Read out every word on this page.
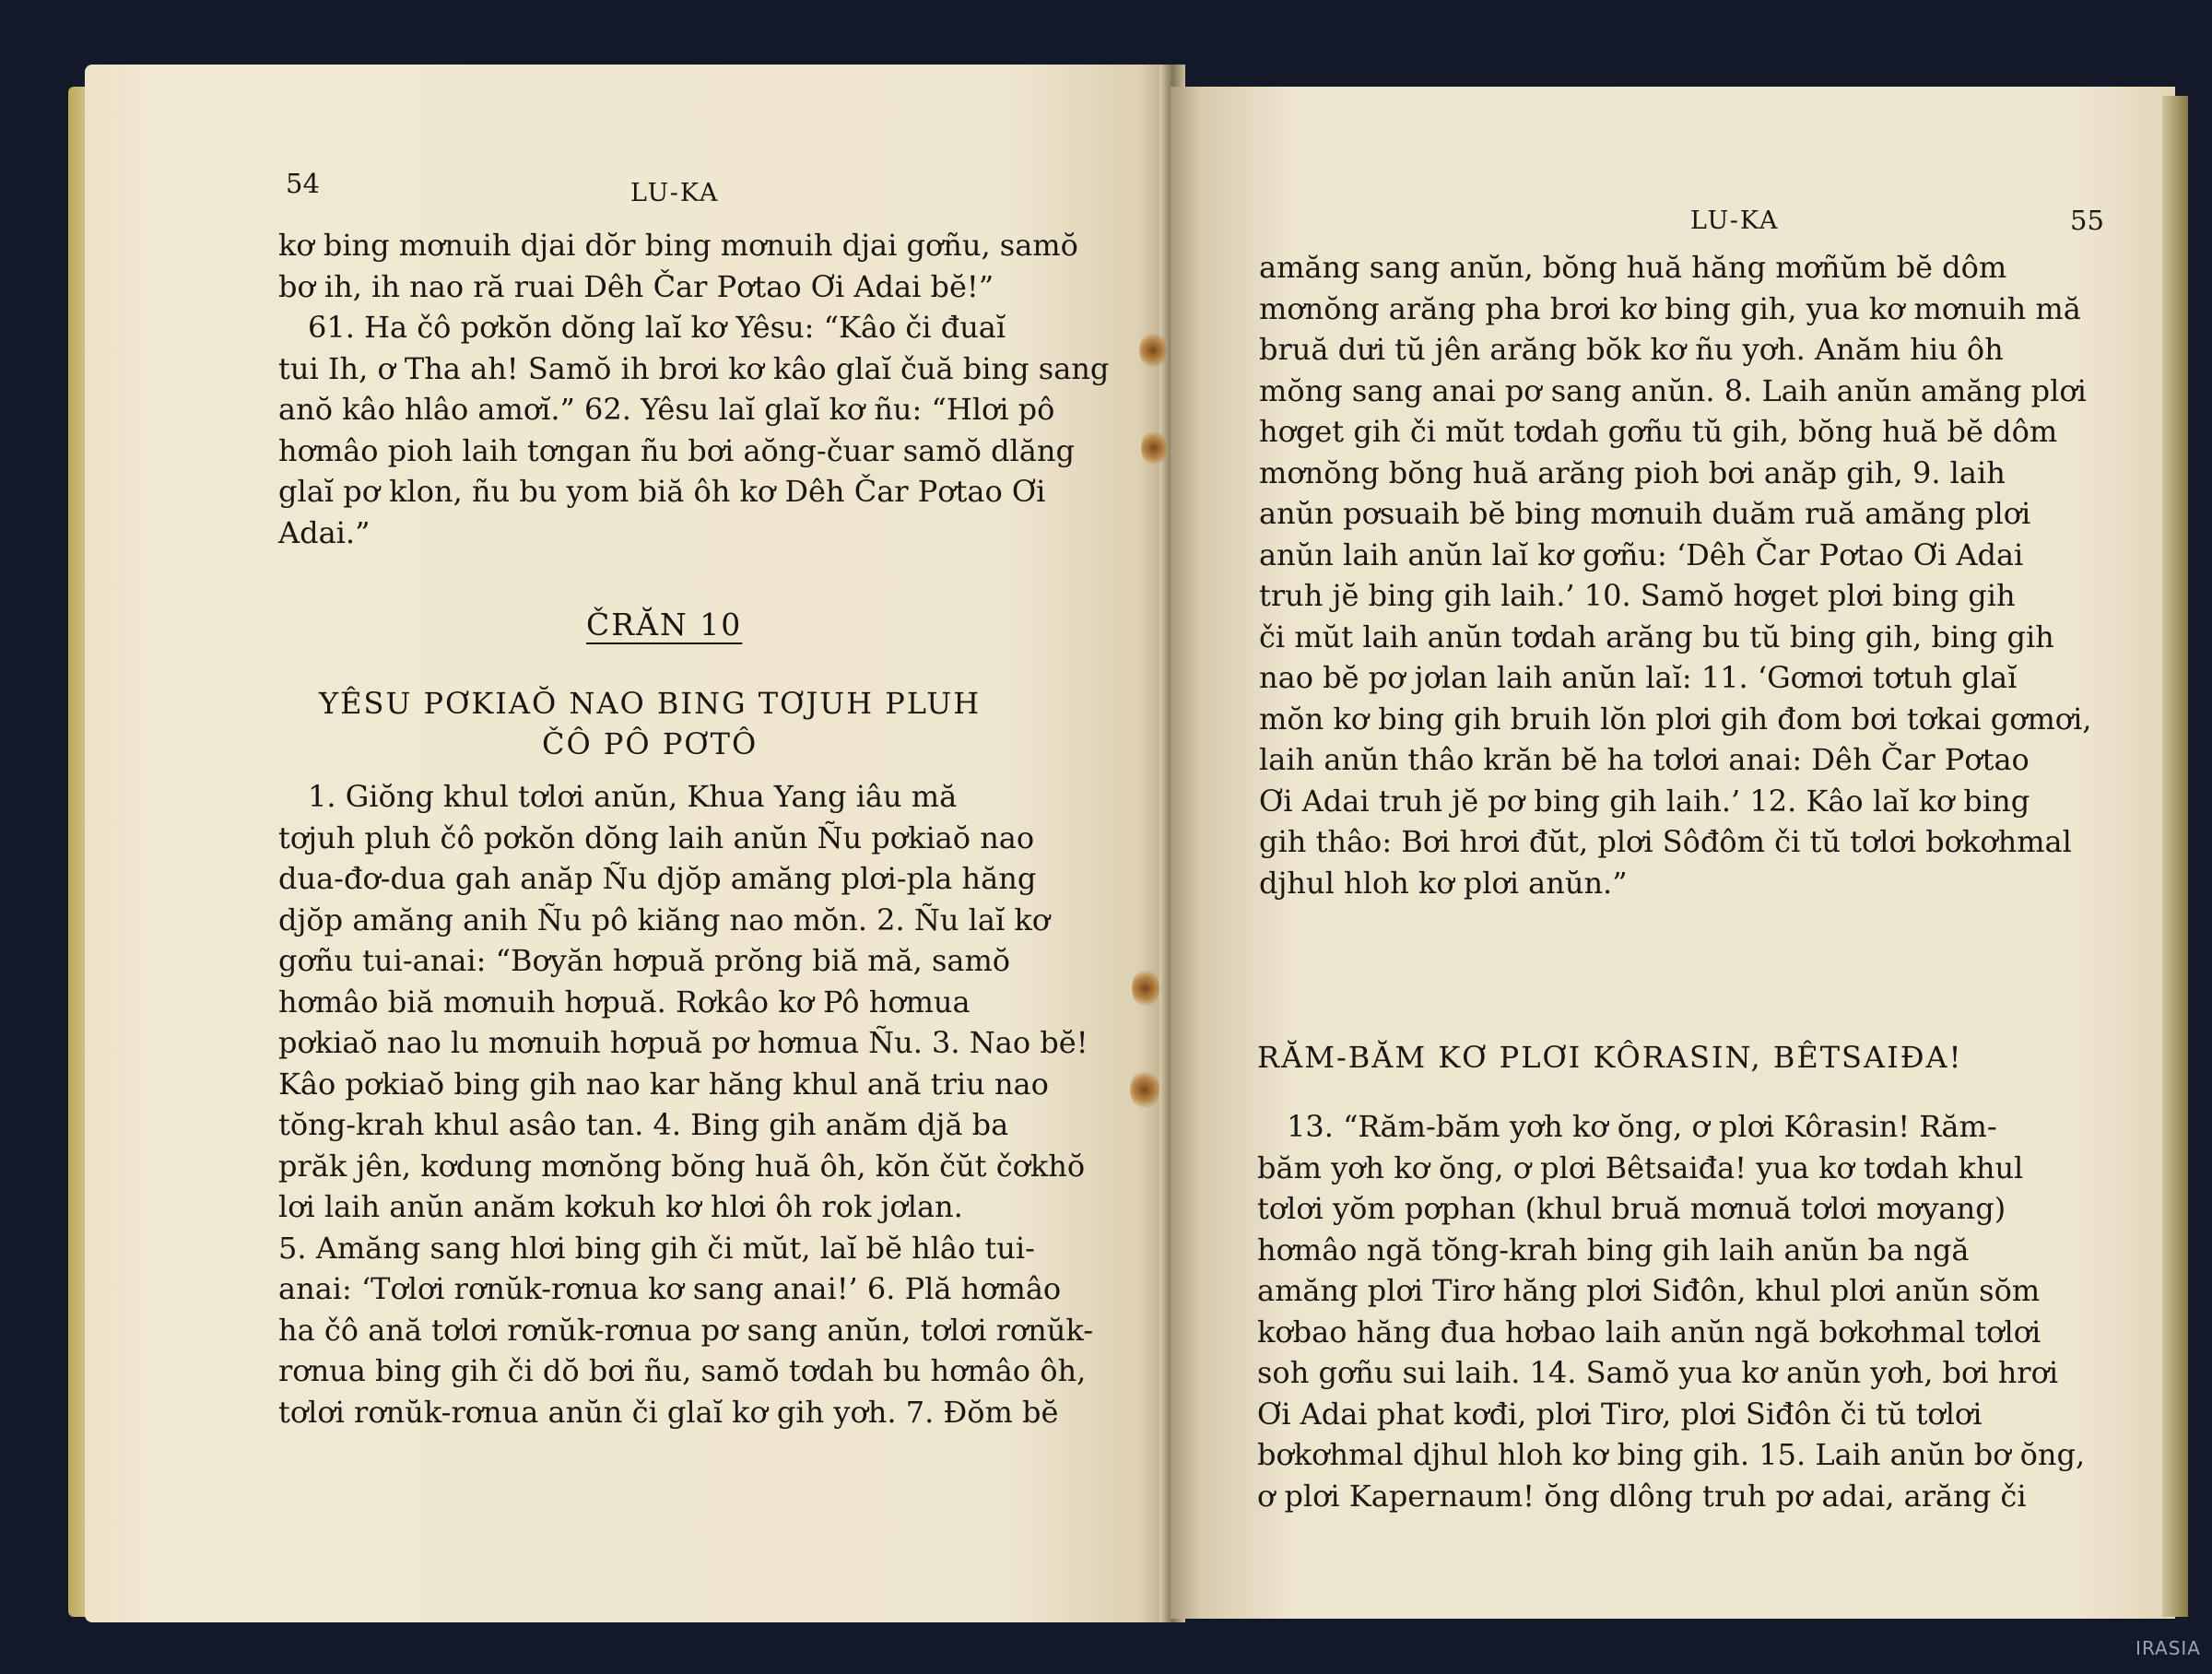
54	LU-KA
kơ bing mơnuih djai dŏr bing mơnuih djai gơñu, samŏ
bơ ih, ih nao ră ruai Dêh Čar Pơtao Ơi Adai bĕ!”
61. Ha čô pơkŏn dŏng laĭ kơ Yêsu: “Kâo či đuaĭ
tui Ih, ơ Tha ah! Samŏ ih brơi kơ kâo glaĭ čuă bing sang
anŏ kâo hlâo amơĭ.” 62. Yêsu laĭ glaĭ kơ ñu: “Hlơi pô
hơmâo pioh laih tơngan ñu bơi aŏng-čuar samŏ dlăng
glaĭ pơ klon, ñu bu yom biă ôh kơ Dêh Čar Pơtao Ơi
Adai.”
ČRĂN 10
YÊSU PƠKIAŎ NAO BING TƠJUH PLUH
ČÔ PÔ PƠTÔ
1. Giŏng khul tơlơi anŭn, Khua Yang iâu mă
tơjuh pluh čô pơkŏn dŏng laih anŭn Ñu pơkiaŏ nao
dua-đơ-dua gah anăp Ñu djŏp amăng plơi-pla hăng
djŏp amăng anih Ñu pô kiăng nao mŏn. 2. Ñu laĭ kơ
gơñu tui-anai: “Bơyăn hơpuă prŏng biă mă, samŏ
hơmâo biă mơnuih hơpuă. Rơkâo kơ Pô hơmua
pơkiaŏ nao lu mơnuih hơpuă pơ hơmua Ñu. 3. Nao bĕ!
Kâo pơkiaŏ bing gih nao kar hăng khul ană triu nao
tŏng-krah khul asâo tan. 4. Bing gih anăm djă ba
prăk jên, kơdung mơnŏng bŏng huă ôh, kŏn čŭt čơkhŏ
lơi laih anŭn anăm kơkuh kơ hlơi ôh rok jơlan.
5. Amăng sang hlơi bing gih či mŭt, laĭ bĕ hlâo tui-
anai: ‘Tơlơi rơnŭk-rơnua kơ sang anai!’ 6. Plă hơmâo
ha čô ană tơlơi rơnŭk-rơnua pơ sang anŭn, tơlơi rơnŭk-
rơnua bing gih či dŏ bơi ñu, samŏ tơdah bu hơmâo ôh,
tơlơi rơnŭk-rơnua anŭn či glaĭ kơ gih yơh. 7. Đŏm bĕ
LU-KA	55
amăng sang anŭn, bŏng huă hăng mơñŭm bĕ dôm
mơnŏng arăng pha brơi kơ bing gih, yua kơ mơnuih mă
bruă dưi tŭ jên arăng bŏk kơ ñu yơh. Anăm hiu ôh
mŏng sang anai pơ sang anŭn. 8. Laih anŭn amăng plơi
hơget gih či mŭt tơdah gơñu tŭ gih, bŏng huă bĕ dôm
mơnŏng bŏng huă arăng pioh bơi anăp gih, 9. laih
anŭn pơsuaih bĕ bing mơnuih duăm ruă amăng plơi
anŭn laih anŭn laĭ kơ gơñu: ‘Dêh Čar Pơtao Ơi Adai
truh jĕ bing gih laih.’ 10. Samŏ hơget plơi bing gih
či mŭt laih anŭn tơdah arăng bu tŭ bing gih, bing gih
nao bĕ pơ jơlan laih anŭn laĭ: 11. ‘Gơmơi tơtuh glaĭ
mŏn kơ bing gih bruih lŏn plơi gih đom bơi tơkai gơmơi,
laih anŭn thâo krăn bĕ ha tơlơi anai: Dêh Čar Pơtao
Ơi Adai truh jĕ pơ bing gih laih.’ 12. Kâo laĭ kơ bing
gih thâo: Bơi hrơi đŭt, plơi Sôđôm či tŭ tơlơi bơkơhmal
djhul hloh kơ plơi anŭn.”
RĂM-BĂM KƠ PLƠI KÔRASIN, BÊTSAIĐA!
13. “Răm-băm yơh kơ ŏng, ơ plơi Kôrasin! Răm-
băm yơh kơ ŏng, ơ plơi Bêtsaiđa! yua kơ tơdah khul
tơlơi yŏm pơphan (khul bruă mơnuă tơlơi mơyang)
hơmâo ngă tŏng-krah bing gih laih anŭn ba ngă
amăng plơi Tirơ hăng plơi Siđôn, khul plơi anŭn sŏm
kơbao hăng đua hơbao laih anŭn ngă bơkơhmal tơlơi
soh gơñu sui laih. 14. Samŏ yua kơ anŭn yơh, bơi hrơi
Ơi Adai phat kơđi, plơi Tirơ, plơi Siđôn či tŭ tơlơi
bơkơhmal djhul hloh kơ bing gih. 15. Laih anŭn bơ ŏng,
ơ plơi Kapernaum! ŏng dlông truh pơ adai, arăng či
IRASIA
